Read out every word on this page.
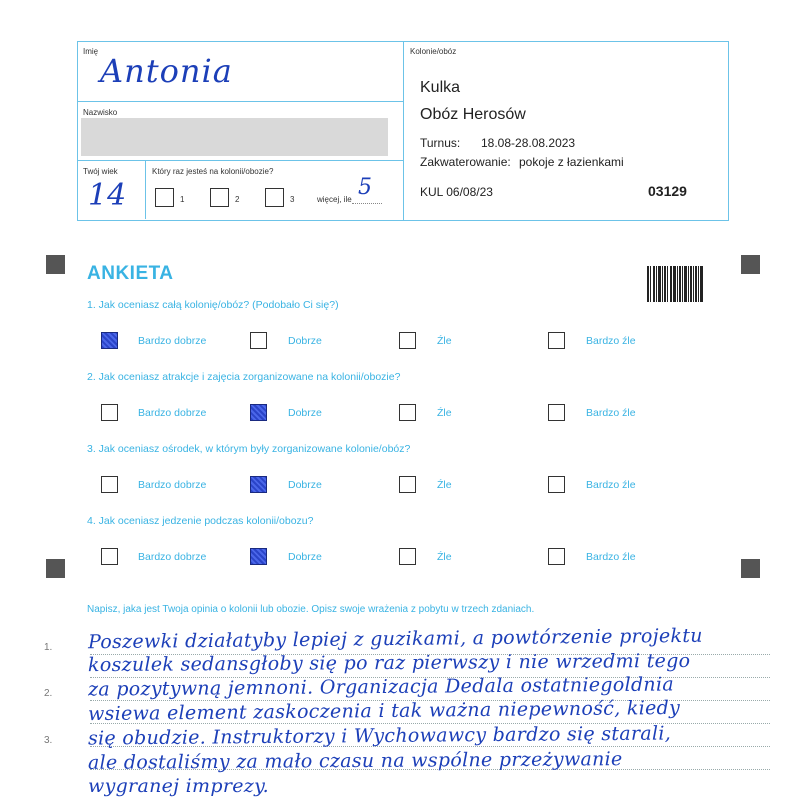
Imię
Antonia
Nazwisko
Twój wiek
14
Który raz jesteś na kolonii/obozie?
1	2	3	więcej, ile 5
Kolonie/obóz
Kulka
Obóz Herosów
Turnus: 18.08-28.08.2023
Zakwaterowanie: pokoje z łazienkami
KUL 06/08/23	03129
ANKIETA
1. Jak oceniasz całą kolonię/obóz? (Podobało Ci się?)
Bardzo dobrze	Dobrze	Źle	Bardzo źle
2. Jak oceniasz atrakcje i zajęcia zorganizowane na kolonii/obozie?
Bardzo dobrze	Dobrze	Źle	Bardzo źle
3. Jak oceniasz ośrodek, w którym były zorganizowane kolonie/obóz?
Bardzo dobrze	Dobrze	Źle	Bardzo źle
4. Jak oceniasz jedzenie podczas kolonii/obozu?
Bardzo dobrze	Dobrze	Źle	Bardzo źle
Napisz, jaka jest Twoja opinia o kolonii lub obozie. Opisz swoje wrażenia z pobytu w trzech zdaniach.
1.
2.
3.
Poszewki działatyby lepiej z guzikami, a powtórzenie projektu
koszulek sedansgłoby się po raz pierwszy i nie wrzedmi tego
za pozytywną jemnoni. Organizacja Dedala ostatniegoldnia
wsiewa element zaskoczenia i tak ważna niepewność, kiedy
się obudzie. Instruktorzy i Wychowawcy bardzo się starali,
ale dostaliśmy za mało czasu na wspólne przeżywanie
wygranej imprezy.
